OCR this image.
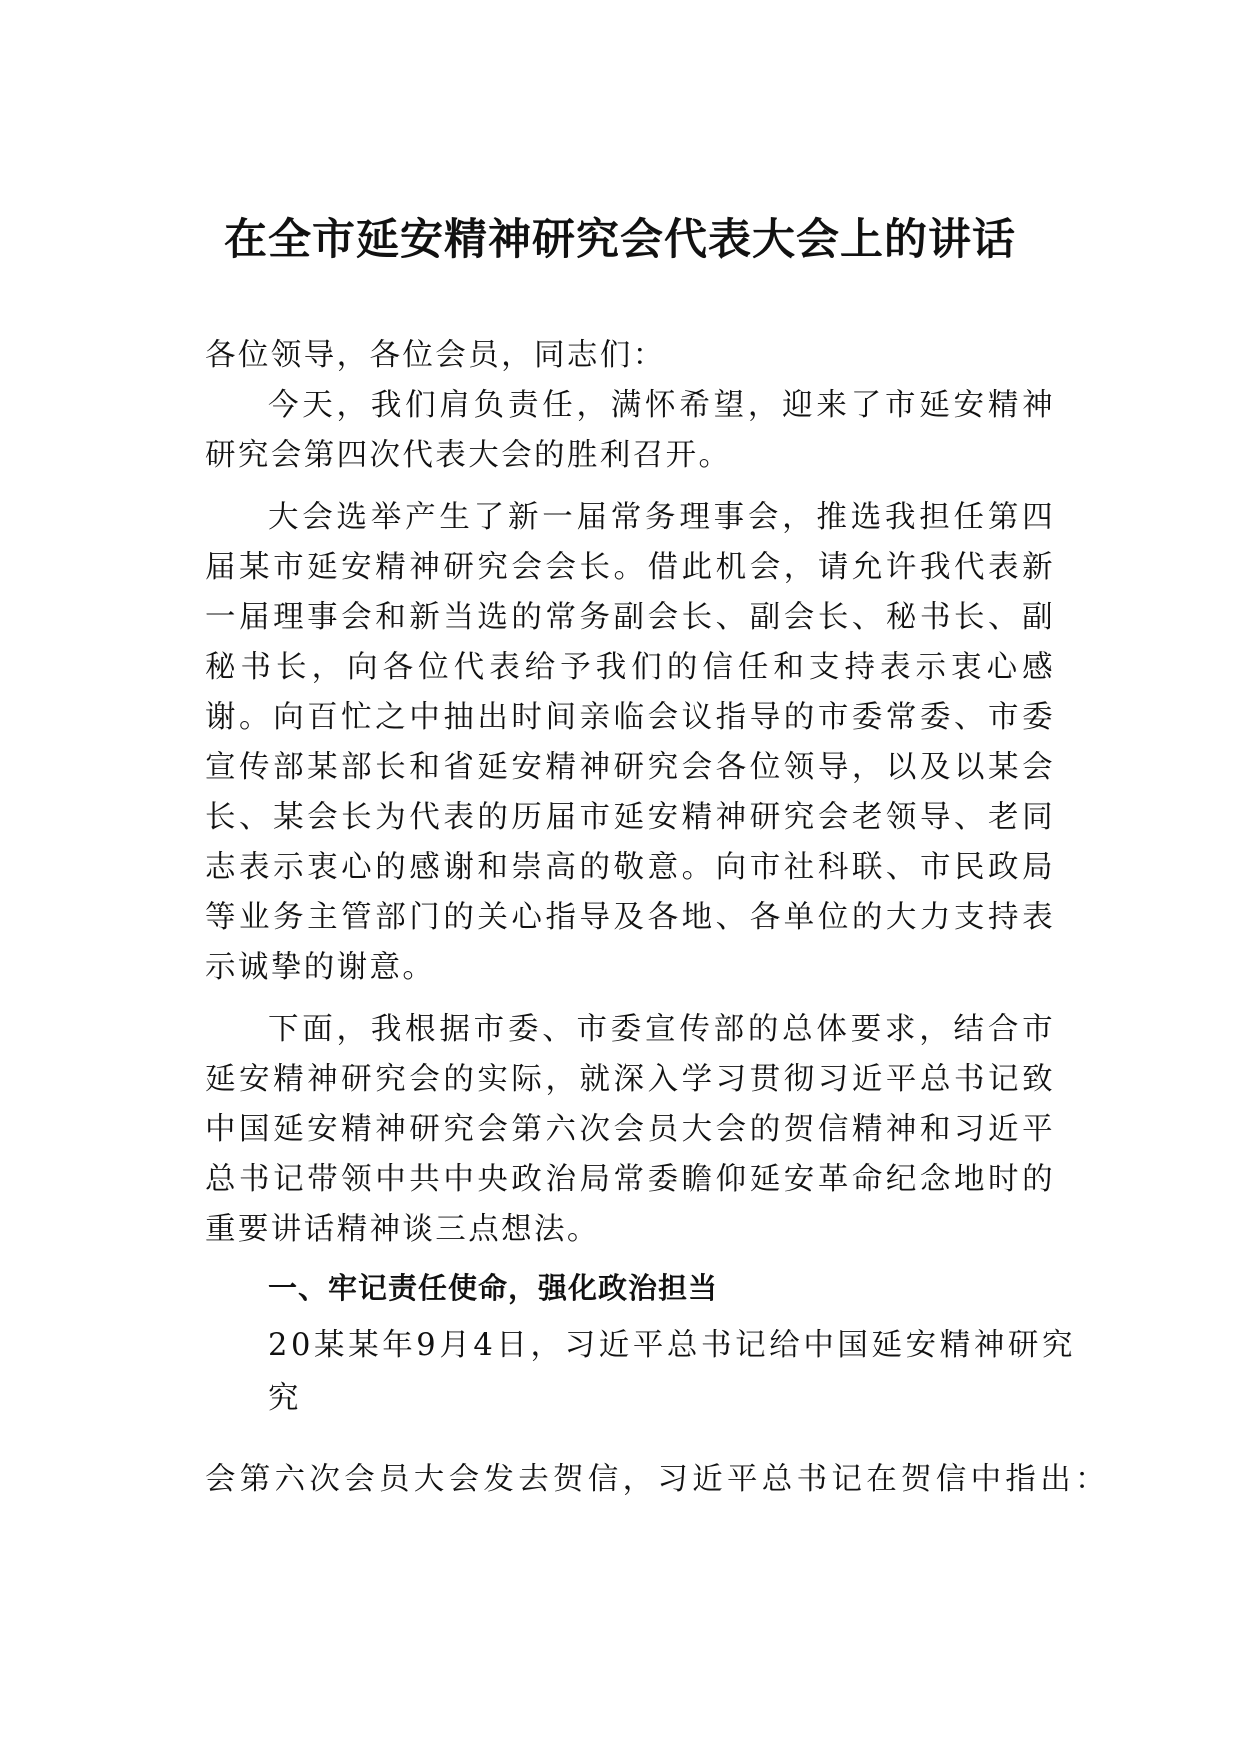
在全市延安精神研究会代表大会上的讲话

各位领导，各位会员，同志们：

今天，我们肩负责任，满怀希望，迎来了市延安精神研究会第四次代表大会的胜利召开。

大会选举产生了新一届常务理事会，推选我担任第四届某市延安精神研究会会长。借此机会，请允许我代表新一届理事会和新当选的常务副会长、副会长、秘书长、副秘书长，向各位代表给予我们的信任和支持表示衷心感谢。向百忙之中抽出时间亲临会议指导的市委常委、市委宣传部某部长和省延安精神研究会各位领导，以及以某会长、某会长为代表的历届市延安精神研究会老领导、老同志表示衷心的感谢和崇高的敬意。向市社科联、市民政局等业务主管部门的关心指导及各地、各单位的大力支持表示诚挚的谢意。

下面，我根据市委、市委宣传部的总体要求，结合市延安精神研究会的实际，就深入学习贯彻习近平总书记致中国延安精神研究会第六次会员大会的贺信精神和习近平总书记带领中共中央政治局常委瞻仰延安革命纪念地时的重要讲话精神谈三点想法。

一、牢记责任使命，强化政治担当

20某某年9月4日，习近平总书记给中国延安精神研究

究

会第六次会员大会发去贺信，习近平总书记在贺信中指出：
